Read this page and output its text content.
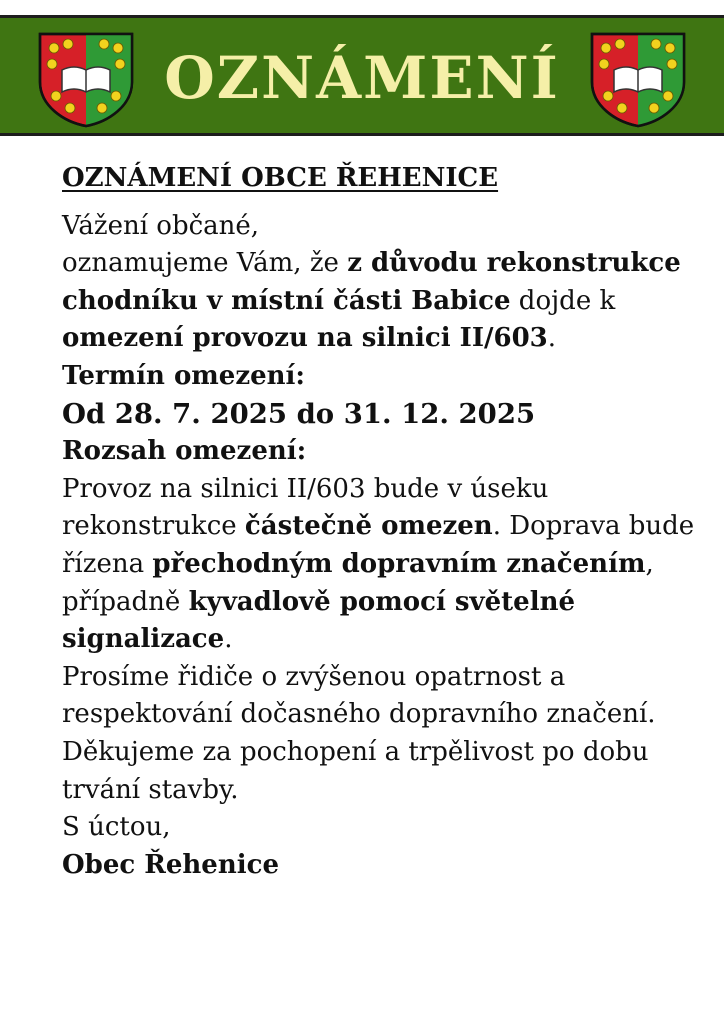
OZNÁMENÍ
OZNÁMENÍ OBCE ŘEHENICE
Vážení občané,
oznamujeme Vám, že z důvodu rekonstrukce chodníku v místní části Babice dojde k omezení provozu na silnici II/603.
Termín omezení:
Od 28. 7. 2025 do 31. 12. 2025
Rozsah omezení:
Provoz na silnici II/603 bude v úseku rekonstrukce částečně omezen. Doprava bude řízena přechodným dopravním značením, případně kyvadlově pomocí světelné signalizace.
Prosíme řidiče o zvýšenou opatrnost a respektování dočasného dopravního značení.
Děkujeme za pochopení a trpělivost po dobu trvání stavby.
S úctou,
Obec Řehenice
